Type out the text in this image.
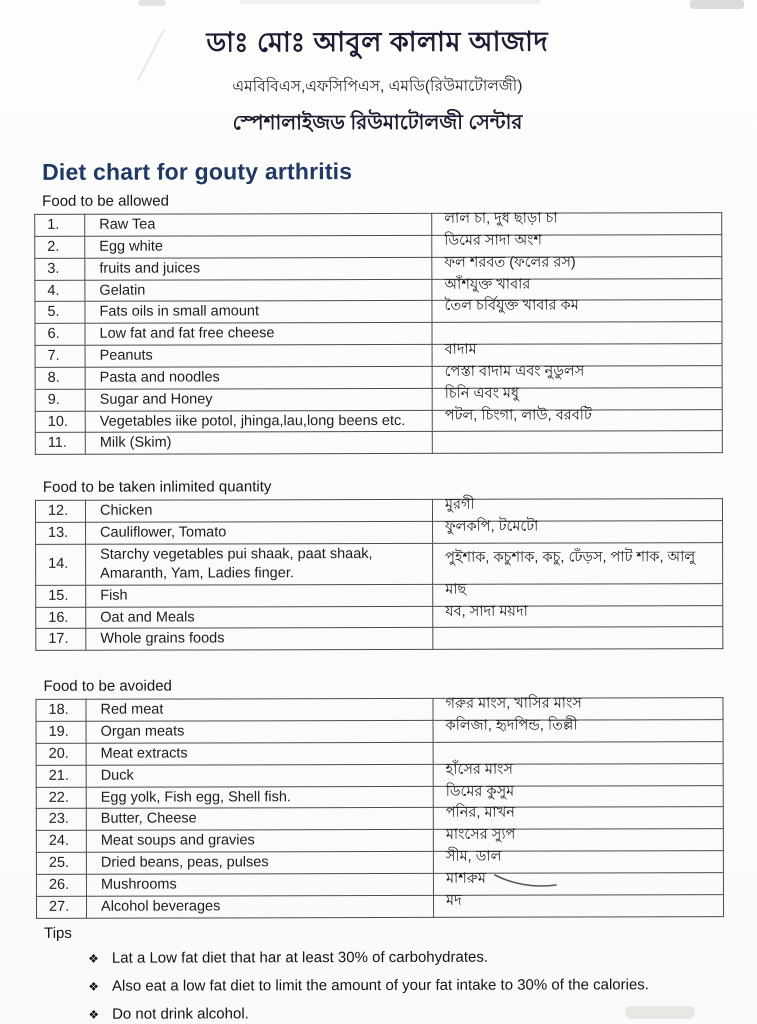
ডাঃ মোঃ আবুল কালাম আজাদ
এমবিবিএস,এফসিপিএস, এমডি(রিউমাটোলজী)
স্পেশালাইজড রিউমাটোলজী সেন্টার
Diet chart for gouty arthritis
Food to be allowed
1.	Raw Tea	লাল চা, দুধ ছাড়া চা
2.	Egg white	ডিমের সাদা অংশ
3.	fruits and juices	ফল শরবত (ফলের রস)
4.	Gelatin	আঁশযুক্ত খাবার
5.	Fats oils in small amount	তৈল চর্বিযুক্ত খাবার কম
6.	Low fat and fat free cheese	
7.	Peanuts	বাদাম
8.	Pasta and noodles	পেস্তা বাদাম এবং নুডুলস
9.	Sugar and Honey	চিনি এবং মধু
10.	Vegetables iike potol, jhinga,lau,long beens etc.	পটল, চিংগা, লাউ, বরবটি
11.	Milk (Skim)	
Food to be taken inlimited quantity
12.	Chicken	মুরগী
13.	Cauliflower, Tomato	ফুলকপি, টমেটো
14.	Starchy vegetables pui shaak, paat shaak, Amaranth, Yam, Ladies finger.	পুইশাক, কচুশাক, কচু, ঢেঁড়স, পাট শাক, আলু
15.	Fish	মাছ
16.	Oat and Meals	যব, সাদা ময়দা
17.	Whole grains foods	
Food to be avoided
18.	Red meat	গরুর মাংস, খাসির মাংস
19.	Organ meats	কলিজা, হৃদপিন্ড, তিল্লী
20.	Meat extracts	
21.	Duck	হাঁসের মাংস
22.	Egg yolk, Fish egg, Shell fish.	ডিমের কুসুম
23.	Butter, Cheese	পনির, মাখন
24.	Meat soups and gravies	মাংসের স্যুপ
25.	Dried beans, peas, pulses	সীম, ডাল
26.	Mushrooms	মাশরুম
27.	Alcohol beverages	মদ
Tips
❖ Lat a Low fat diet that har at least 30% of carbohydrates.
❖ Also eat a low fat diet to limit the amount of your fat intake to 30% of the calories.
❖ Do not drink alcohol.
